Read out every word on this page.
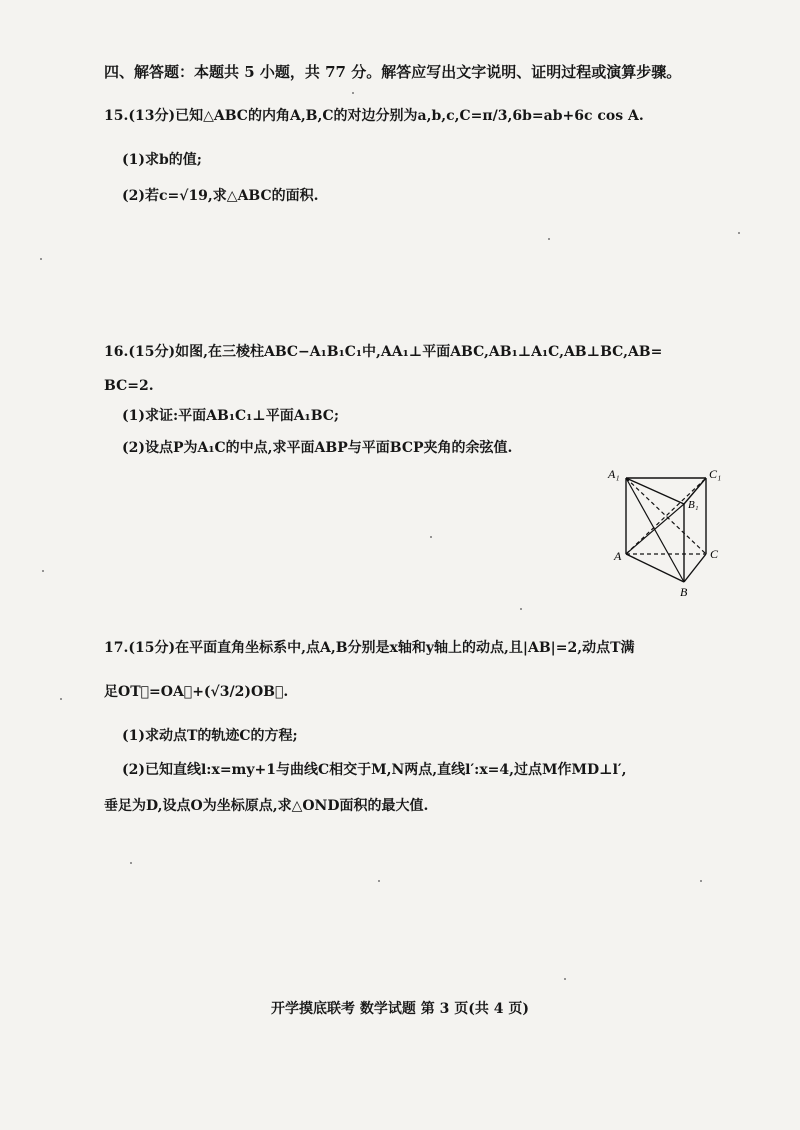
四、解答题：本题共 5 小题，共 77 分。解答应写出文字说明、证明过程或演算步骤。
15.(13分)已知△ABC的内角A,B,C的对边分别为a,b,c,C=π/3,6b=ab+6c cos A.
(1)求b的值;
(2)若c=√19,求△ABC的面积.
16.(15分)如图,在三棱柱ABC−A₁B₁C₁中,AA₁⊥平面ABC,AB₁⊥A₁C,AB⊥BC,AB=
BC=2.
(1)求证:平面AB₁C₁⊥平面A₁BC;
(2)设点P为A₁C的中点,求平面ABP与平面BCP夹角的余弦值.
A₁	C₁
B₁
A	C
B
17.(15分)在平面直角坐标系中,点A,B分别是x轴和y轴上的动点,且|AB|=2,动点T满
足OT⃗=OA⃗+(√3/2)OB⃗.
(1)求动点T的轨迹C的方程;
(2)已知直线l:x=my+1与曲线C相交于M,N两点,直线l′:x=4,过点M作MD⊥l′,
垂足为D,设点O为坐标原点,求△OND面积的最大值.
开学摸底联考 数学试题 第 3 页(共 4 页)
